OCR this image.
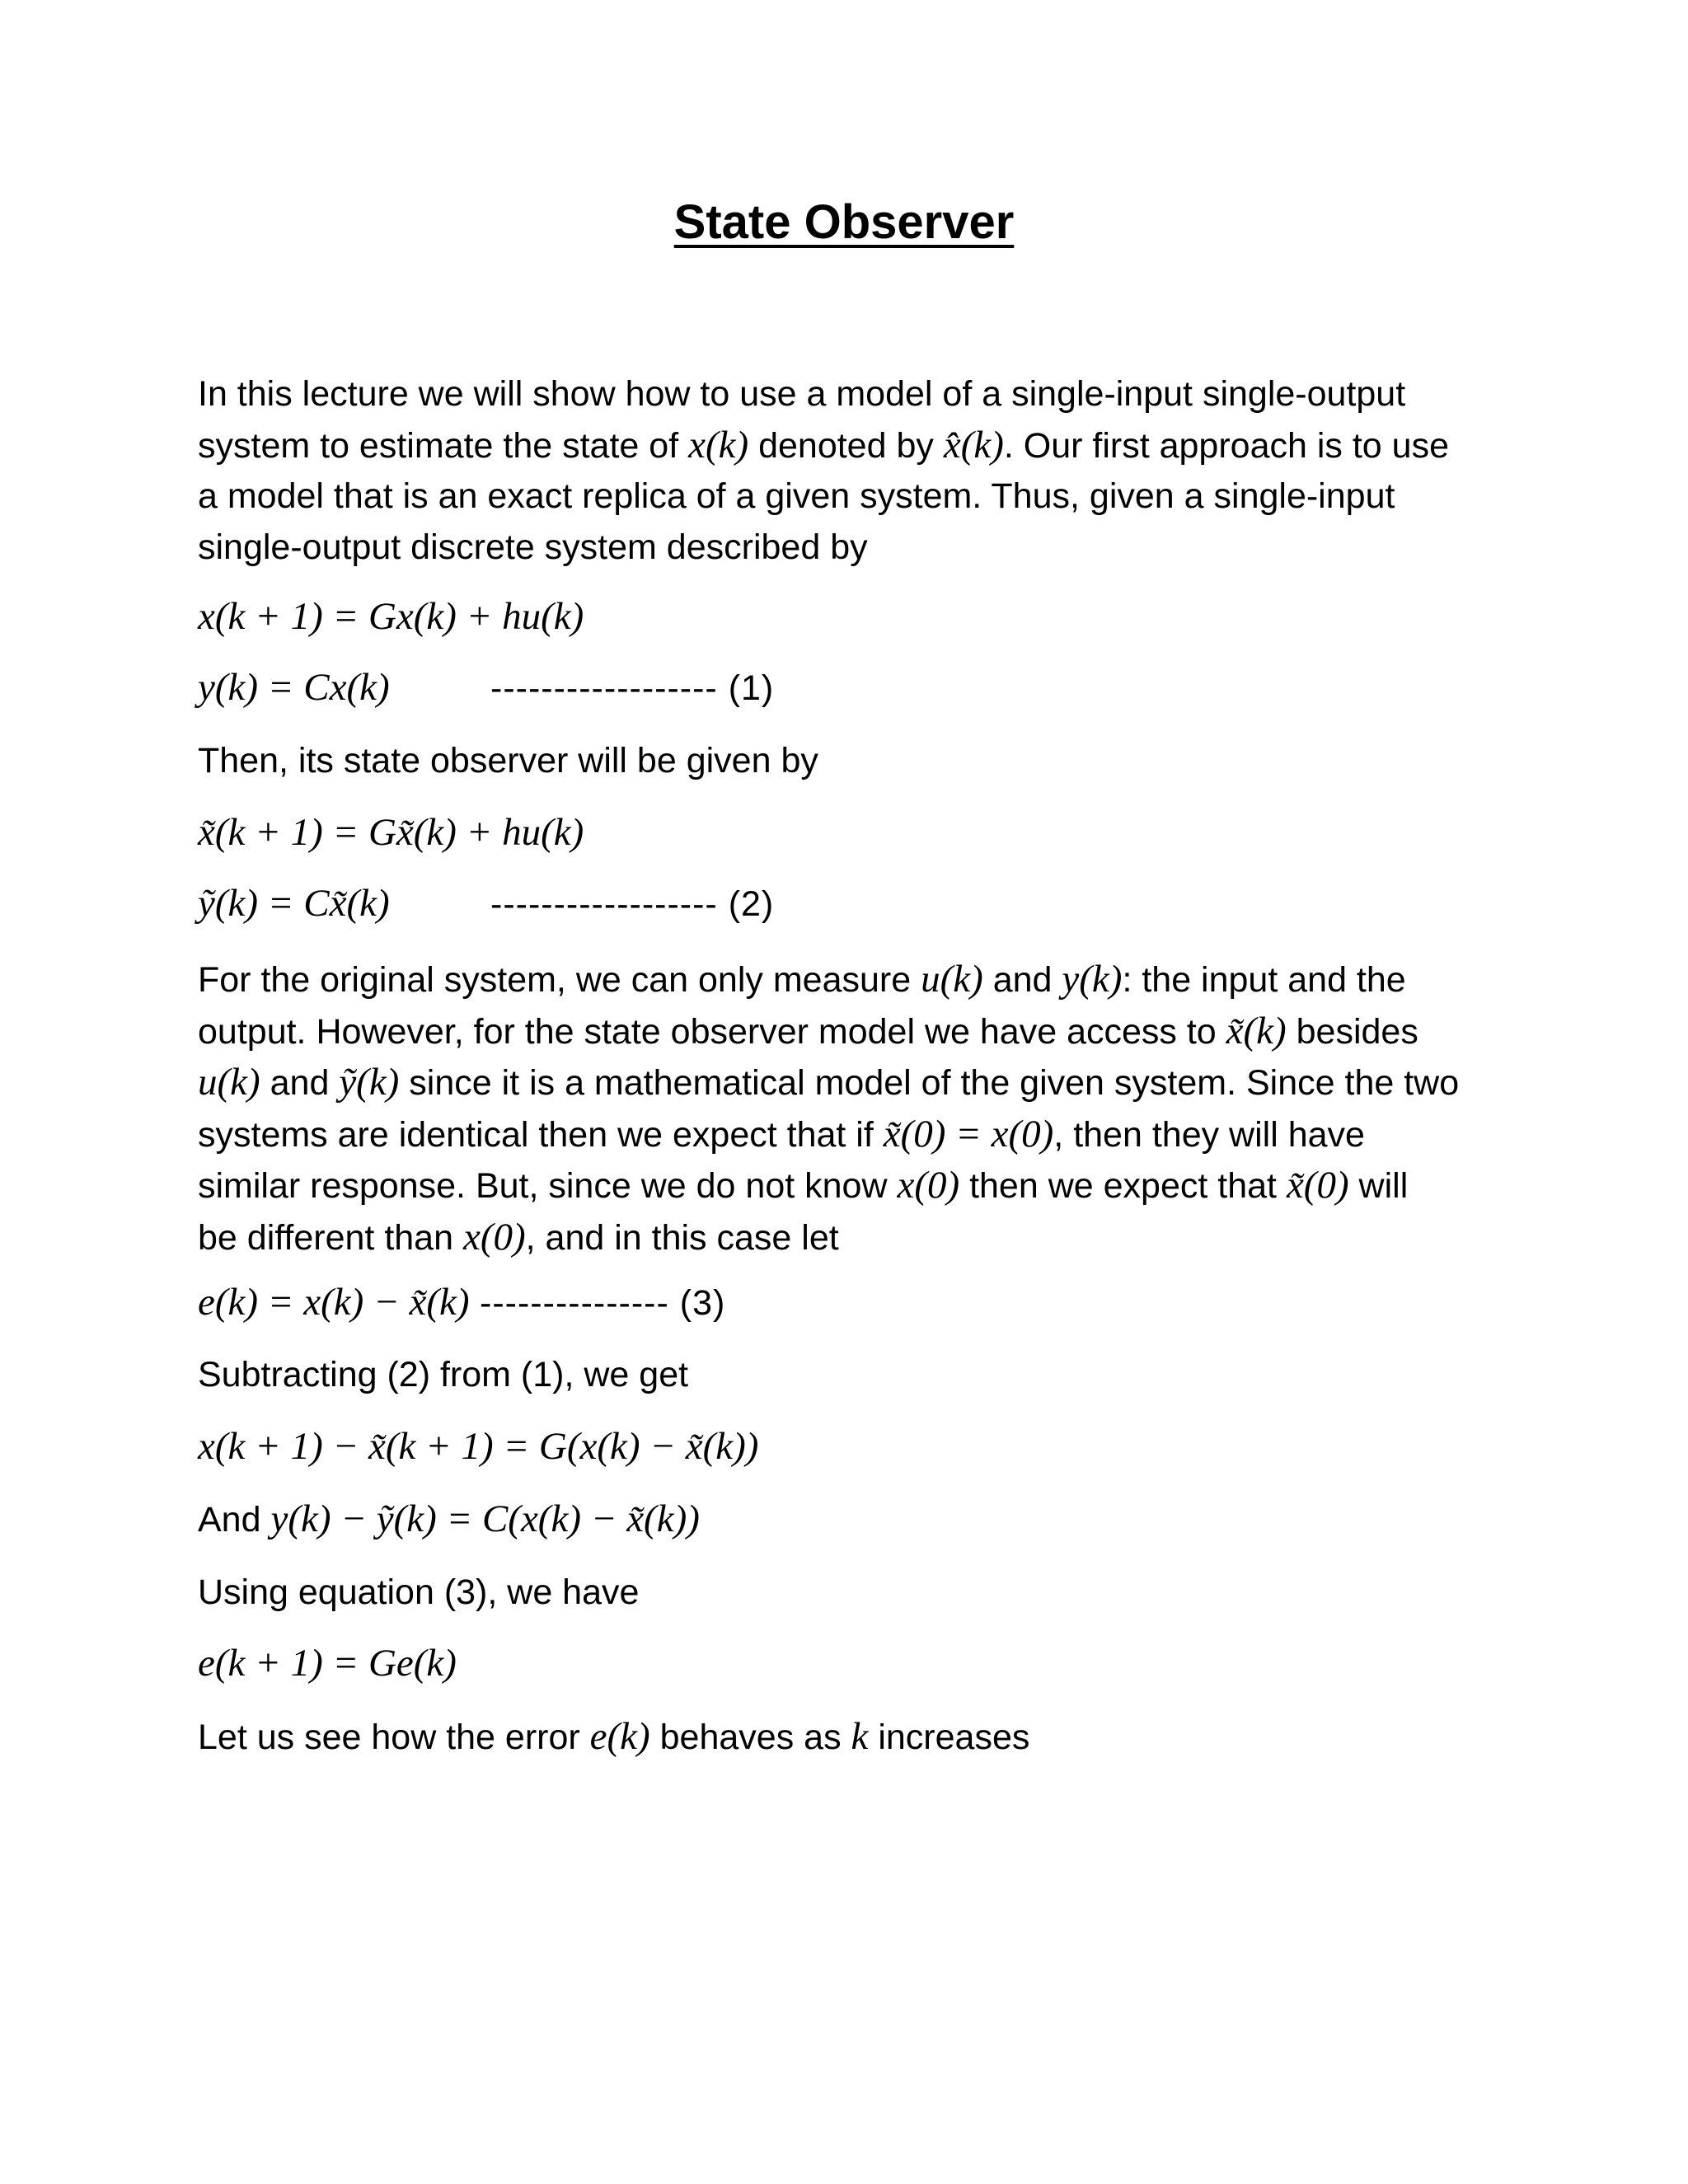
State Observer
In this lecture we will show how to use a model of a single-input single-output
system to estimate the state of x(k) denoted by x̂(k). Our first approach is to use
a model that is an exact replica of a given system. Thus, given a single-input
single-output discrete system described by
x(k + 1) = Gx(k) + hu(k)
y(k) = Cx(k)	------------------ (1)
Then, its state observer will be given by
x̃(k + 1) = Gx̃(k) + hu(k)
ỹ(k) = Cx̃(k)	------------------ (2)
For the original system, we can only measure u(k) and y(k): the input and the
output. However, for the state observer model we have access to x̃(k) besides
u(k) and ỹ(k) since it is a mathematical model of the given system. Since the two
systems are identical then we expect that if x̃(0) = x(0), then they will have
similar response. But, since we do not know x(0) then we expect that x̃(0) will
be different than x(0), and in this case let
e(k) = x(k) − x̃(k) --------------- (3)
Subtracting (2) from (1), we get
x(k + 1) − x̃(k + 1) = G(x(k) − x̃(k))
And y(k) − ỹ(k) = C(x(k) − x̃(k))
Using equation (3), we have
e(k + 1) = Ge(k)
Let us see how the error e(k) behaves as k increases
